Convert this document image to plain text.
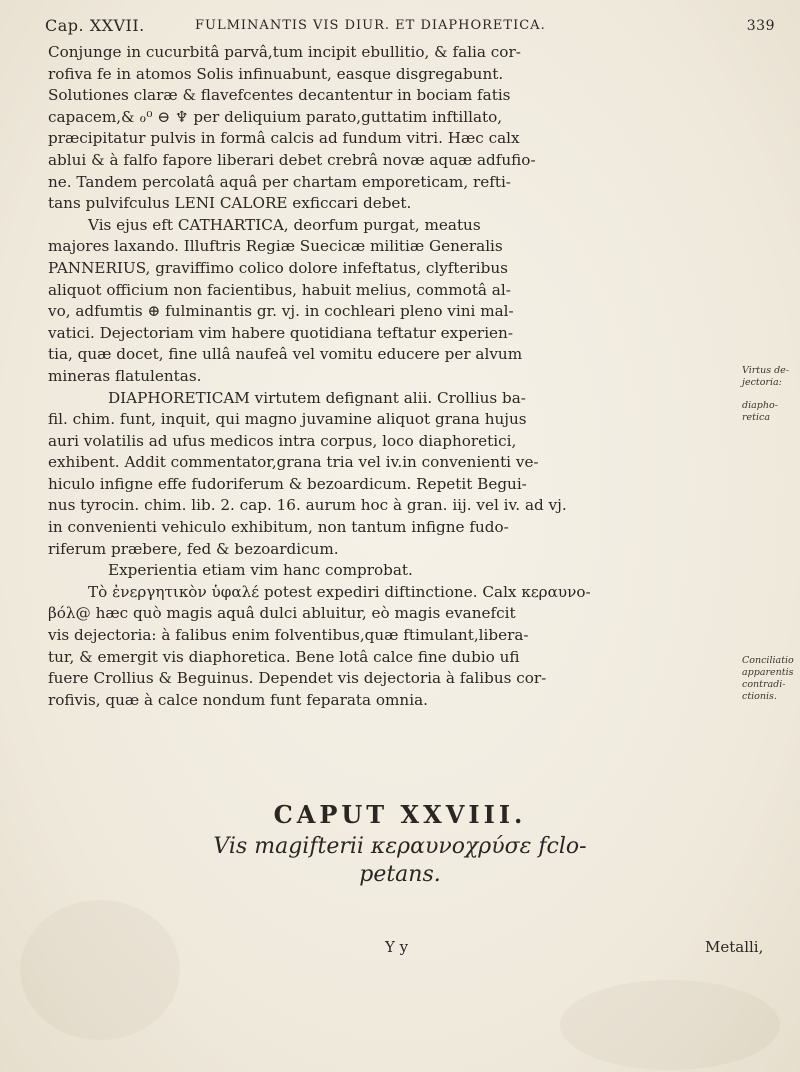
Cap. XXVII.	FULMINANTIS VIS DIUR. ET DIAPHORETICA.	339
Conjunge in cucurbitâ parvâ,tum incipit ebullitio, & falia cor-
rofiva fe in atomos Solis infinuabunt, easque disgregabunt.
Solutiones claræ & flavefcentes decantentur in bociam fatis
capacem,& ℴ⁰ ⊖ ♆ per deliquium parato,guttatim inftillato,
præcipitatur pulvis in formâ calcis ad fundum vitri. Hæc calx
ablui & à falfo fapore liberari debet crebrâ novæ aquæ adfufio-
ne. Tandem percolatâ aquâ per chartam emporeticam, refti-
tans pulvifculus LENI CALORE exficcari debet.
Vis ejus eft CATHARTICA, deorfum purgat, meatus
majores laxando. Illuftris Regiæ Suecicæ militiæ Generalis
PANNERIUS, graviffimo colico dolore infeftatus, clyfteribus
aliquot officium non facientibus, habuit melius, commotâ al-
vo, adfumtis ⊕ fulminantis gr. vj. in cochleari pleno vini mal-
vatici. Dejectoriam vim habere quotidiana teftatur experien-
tia, quæ docet, fine ullâ naufeâ vel vomitu educere per alvum
mineras flatulentas.
DIAPHORETICAM virtutem defignant alii. Crollius ba-
fil. chim. funt, inquit, qui magno juvamine aliquot grana hujus
auri volatilis ad ufus medicos intra corpus, loco diaphoretici,
exhibent. Addit commentator,grana tria vel iv.in convenienti ve-
hiculo infigne effe fudoriferum & bezoardicum. Repetit Begui-
nus tyrocin. chim. lib. 2. cap. 16. aurum hoc à gran. iij. vel iv. ad vj.
in convenienti vehiculo exhibitum, non tantum infigne fudo-
riferum præbere, fed & bezoardicum.
Experientia etiam vim hanc comprobat.
Τὸ ἐνεργητικὸν ὑφαλέ potest expediri diftinctione. Calx κεραυνο-
βόλ@ hæc quò magis aquâ dulci abluitur, eò magis evanefcit
vis dejectoria: à falibus enim folventibus,quæ ftimulant,libera-
tur, & emergit vis diaphoretica. Bene lotâ calce fine dubio ufi
fuere Crollius & Beguinus. Dependet vis dejectoria à falibus cor-
rofivis, quæ à calce nondum funt feparata omnia.
Virtus de-
jectoria:
diapho-
retica
Conciliatio
apparentis
contradi-
ctionis.
CAPUT XXVIII.
Vis magifterii κεραυνοχρύσε fclo-
petans.
Y y	Metalli,
